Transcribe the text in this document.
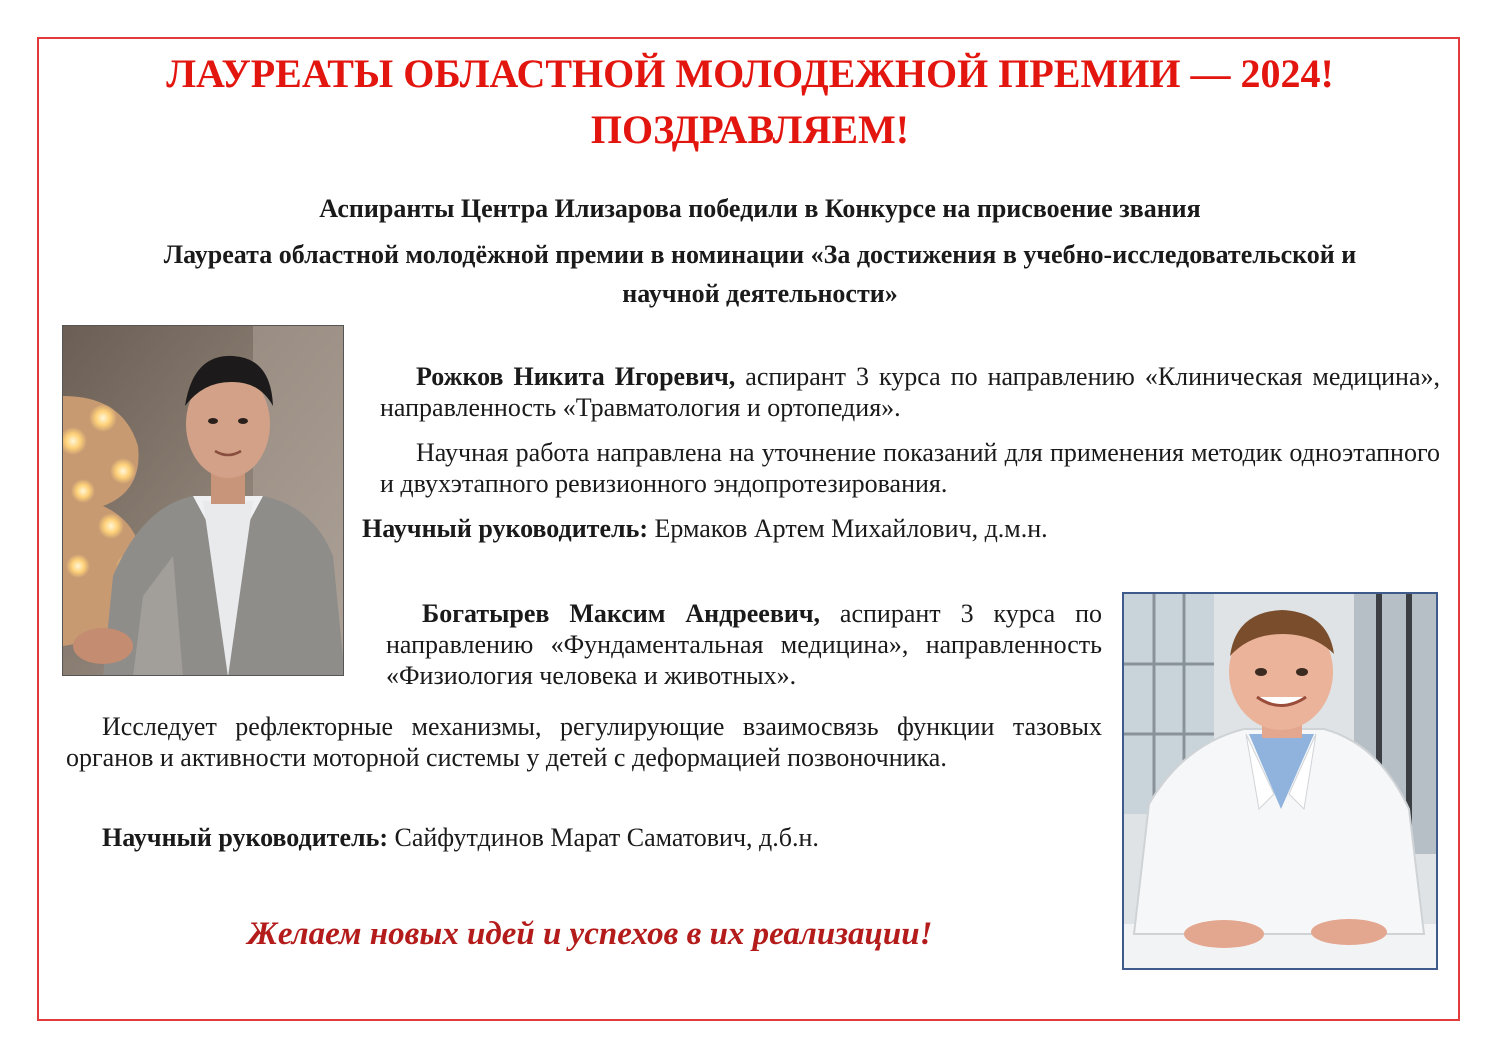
ЛАУРЕАТЫ ОБЛАСТНОЙ МОЛОДЕЖНОЙ ПРЕМИИ — 2024!
ПОЗДРАВЛЯЕМ!

Аспиранты Центра Илизарова победили в Конкурсе на присвоение звания

Лауреата областной молодёжной премии в номинации «За достижения в учебно-исследовательской и научной деятельности»

Рожков Никита Игоревич, аспирант 3 курса по направлению «Клиническая медицина», направленность «Травматология и ортопедия».

Научная работа направлена на уточнение показаний для применения методик одноэтапного и двухэтапного ревизионного эндопротезирования.

Научный руководитель: Ермаков Артем Михайлович, д.м.н.

Богатырев Максим Андреевич, аспирант 3 курса по направлению «Фундаментальная медицина», направленность «Физиология человека и животных».

Исследует рефлекторные механизмы, регулирующие взаимосвязь функции тазовых органов и активности моторной системы у детей с деформацией позвоночника.

Научный руководитель: Сайфутдинов Марат Саматович, д.б.н.

Желаем новых идей и успехов в их реализации!
